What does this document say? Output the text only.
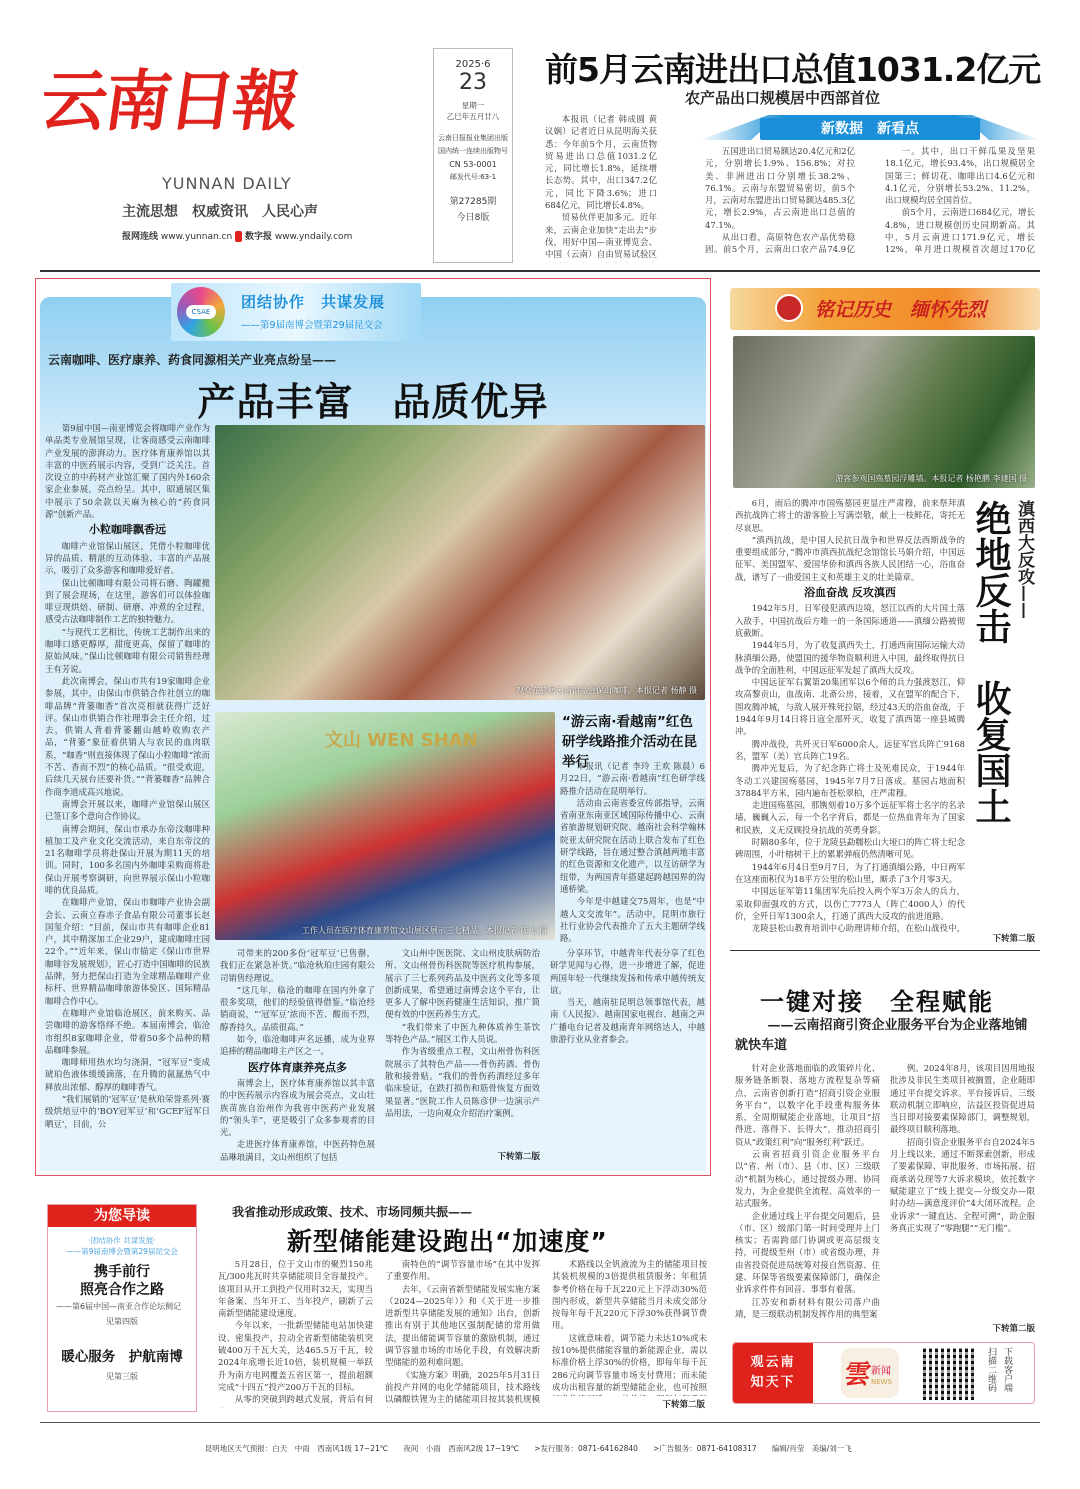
云南日報
YUNNAN DAILY
主流思想　权威资讯　人民心声
报网连线 www.yunnan.cn 数字报 www.yndaily.com
2025·6
23
星期一
乙巳年五月廿八
云南日报报业集团出版
国内统一连续出版物号
CN 53-0001
邮发代号:63-1
第27285期
今日8版
前5月云南进出口总值1031.2亿元
农产品出口规模居中西部首位

本报讯（记者 韩成圆 黄议娴）记者近日从昆明海关获悉：今年前5个月，云南货物贸易进出口总值1031.2亿元，同比增长1.8%，延续增长态势。其中，出口347.2亿元，同比下降3.6%；进口684亿元，同比增长4.8%。

贸易伙伴更加多元。近年来，云南企业加快“走出去”步伐，用好中国—南亚博览会、中国（云南）自由贸易试验区

新数据　新看点

五国进出口贸易额达20.4亿元和2亿元，分别增长1.9%、156.8%；对拉美、非洲进出口分别增长38.2%、76.1%。云南与东盟贸易密切，前5个月，云南对东盟进出口贸易额达485.3亿元，增长2.9%，占云南进出口总值的47.1%。

从出口看，高原特色农产品优势稳固。前5个月，云南出口农产品74.9亿

一。其中，出口干鲜瓜果及坚果18.1亿元，增长93.4%，出口规模居全国第三；鲜切花、咖啡出口4.6亿元和4.1亿元，分别增长53.2%、11.2%，出口规模均居全国首位。

前5个月，云南进口684亿元，增长4.8%，进口规模创历史同期新高。其中，5月云南进口171.9亿元，增长12%，单月进口规模首次超过170亿

CSAE
团结协作　共谋发展
——第9届南博会暨第29届昆交会
云南咖啡、医疗康养、药食同源相关产业亮点纷呈——
产品丰富　品质优异

第9届中国—南亚博览会将咖啡产业作为单品类专业展馆呈现，让客商感受云南咖啡产业发展的澎湃动力。医疗体育康养馆以其丰富的中医药展示内容，受到广泛关注。首次设立的中药材产业馆汇聚了国内外160余家企业参展，亮点纷呈。其中，昭通展区集中展示了50余款以天麻为核心的“药食同源”创新产品。

小粒咖啡飘香远

咖啡产业馆保山展区，凭借小粒咖啡优异的品质、精湛的互动体验、丰富的产品展示，吸引了众多游客和咖啡爱好者。

保山比顿咖啡有限公司将石磨、陶罐搬到了展会现场，在这里，游客们可以体验咖啡豆现烘焙、研制、研磨、冲煮的全过程，感受古法咖啡制作工艺的独特魅力。

“与现代工艺相比，传统工艺制作出来的咖啡口感更醇厚，甜度更高，保留了咖啡的原始风味。”保山比顿咖啡有限公司销售经理王有芳说。

此次南博会，保山市共有19家咖啡企业参展，其中，由保山市供销合作社创立的咖啡品牌“背篓咖香”首次亮相就获得广泛好评。保山市供销合作社理事会主任介绍，过去，供销人背着背篓翻山越岭收购农产品，“背篓”象征着供销人与农民的血肉联系，“咖香”则直接体现了保山小粒咖啡“浓而不苦、香而不烈”的核心品质。“很受欢迎，后续几天展台还要补货。”“背篓咖香”品牌合作商李道成高兴地说。

南博会开展以来，咖啡产业馆保山展区已签订多个意向合作协议。

南博会期间，保山市承办东帝汶咖啡种植加工及产业文化交流活动，来自东帝汶的21名咖啡学员将赴保山开展为期11天的培训。同时，100多名国内外咖啡采购商将赴保山开展考察调研，向世界展示保山小粒咖啡的优良品质。

在咖啡产业馆，保山市咖啡产业协会副会长、云南立春赤子食品有限公司董事长赵国玺介绍：“目前，保山市共有咖啡企业81户，其中精深加工企业29户，建成咖啡庄园22个。”“近年来，保山市锚定《保山市世界咖啡谷发展规划》，匠心打造中国咖啡的民族品牌，努力把保山打造为全球精品咖啡产业标杆、世界精品咖啡旅游体验区、国际精品咖啡合作中心。

在咖啡产业馆临沧展区，前来购买、品尝咖啡的游客络绎不绝。本届南博会，临沧市组织8家咖啡企业，带着50多个品种的精品咖啡参展。

咖啡师用热水均匀浇洞，“冠军豆”变成琥珀色液体缓缓滴落，在升腾的氤氲热气中释放出浓郁、醇厚的咖啡香气。

“我们展销的‘冠军豆’是秋珀荣誉系列·赛级烘焙豆中的‘BOY冠军豆’和‘GCEF冠军日晒豆’，目前，公

观众在旅居云南馆品尝保山咖啡。本报记者 杨静 摄
文山 WEN SHAN
工作人员在医疗体育康养馆文山展区展示三七精品。本报记者 陈飞 摄
“游云南·看越南”红色研学线路推介活动在昆举行

本报讯（记者 李玲 王欢 陈晨）6月22日，“游云南·看越南”红色研学线路推介活动在昆明举行。

活动由云南省委宣传部指导，云南省南亚东南亚区域国际传播中心、云南省旅游规划研究院、越南社会科学翰林院亚太研究院在活动上联合发布了红色研学线路，旨在通过整合滇越两地丰富的红色资源和文化遗产，以互访研学为纽带，为两国青年搭建起跨越国界的沟通桥梁。

今年是中越建交75周年，也是“中越人文交流年”。活动中，昆明市旅行社行业协会代表推介了五大主题研学线路。

司带来的200多份‘冠军豆’已售罄，我们正在紧急补货。”临沧秋珀庄园有限公司销售经理说。

“这几年，临沧的咖啡在国内外拿了很多奖项，他们的经验值得借鉴。”临沧经销商说，“‘冠军豆’浓而不苦、酸而不烈，醇香持久，品质很高。”

如今，临沧咖啡声名远播，成为业界追捧的精品咖啡主产区之一。

医疗体育康养亮点多

南博会上，医疗体育康养馆以其丰富的中医药展示内容成为展会亮点，文山壮族苗族自治州作为我省中医药产业发展的“领头羊”，更是吸引了众多参观者的目光。

走进医疗体育康养馆，中医药特色展品琳琅满目，文山州组织了包括

文山州中医医院、文山州皮肤病防治所、文山州骨伤科医院等医疗机构参展，展示了三七系列药品及中医药文化等多项创新成果，希望通过南博会这个平台，让更多人了解中医药健康生活知识，推广简便有效的中医药养生方式。

“我们带来了中医九种体质养生茶饮等特色产品。”展区工作人员说。

作为省级重点工程，文山州骨伤科医院展示了其特色产品——骨伤药酒、骨伤散和接骨贴。“我们的骨伤药酒经过多年临床验证，在跌打损伤和筋骨恢复方面效果显著。”医院工作人员陈彦伊一边演示产品用法，一边向观众介绍治疗案例。

下转第二版

分享环节，中越青年代表分享了红色研学见闻与心得，进一步增进了解，促进两国年轻一代继续发扬和传承中越传统友谊。

当天，越南驻昆明总领事馆代表，越南《人民报》、越南国家电视台、越南之声广播电台记者及越南青年网络达人，中越旅游行业从业者参会。

铭记历史　缅怀先烈
游客参观国殇墓园浮雕墙。本报记者 杨艳鹏 李建国 摄

6月，雨后的腾冲市国殇墓园更显庄严肃穆，前来祭拜滇西抗战阵亡将士的游客脸上写满崇敬，献上一枝鲜花，寄托无尽哀思。

“滇西抗战，是中国人民抗日战争和世界反法西斯战争的重要组成部分，”腾冲市滇西抗战纪念馆馆长马娟介绍，中国远征军、美国盟军、爱国华侨和滇西各族人民团结一心，浴血奋战，谱写了一曲爱国主义和英雄主义的壮美篇章。

浴血奋战 反攻滇西

1942年5月，日军侵犯滇西边境，怒江以西的大片国土落入敌手，中国抗战后方唯一的一条国际通道——滇缅公路被彻底截断。

1944年5月，为了收复滇西失土，打通西南国际运输大动脉滇缅公路，使盟国的援华物资顺利进入中国，最终取得抗日战争的全面胜利，中国远征军发起了滇西大反攻。

中国远征军右翼第20集团军以6个师的兵力强渡怒江，仰攻高黎贡山，血战南、北斋公房，接着，又在盟军的配合下，围攻腾冲城，与敌人展开殊死拉锯，经过43天的浴血奋战，于1944年9月14日将日寇全部歼灭，收复了滇西第一座县城腾冲。

腾冲战役，共歼灭日军6000余人，远征军官兵阵亡9168名，盟军（美）官兵阵亡19名。

腾冲光复后，为了纪念阵亡将士及死难民众，于1944年冬动工兴建国殇墓园，1945年7月7日落成。墓园占地面积37884平方米，园内遍布苍松翠柏，庄严肃穆。

走进国殇墓园，那镌刻着10万多个远征军将士名字的名录墙，巍巍入云，每一个名字背后，都是一位热血青年为了国家和民族，义无反顾投身抗战的英勇身影。

时隔80多年，位于龙陵县勐糯松山大垭口的阵亡将士纪念碑周围，小叶榕树干上的累累弹痕仍然清晰可见。

1944年6月4日至9月7日，为了打通滇缅公路，中日两军在这座面积仅为18平方公里的松山里，厮杀了3个月零3天。

中国远征军第11集团军先后投入两个军3万余人的兵力，采取仰面强攻的方式，以伤亡7773人（阵亡4000人）的代价，全歼日军1300余人，打通了滇西大反攻的前进道路。

龙陵县松山教育培训中心助理讲师介绍，在松山战役中，

滇西大反攻——
绝地反击　收复国土
下转第二版
一键对接　全程赋能
——云南招商引资企业服务平台为企业落地铺就快车道

针对企业落地面临的政策碎片化、服务链条断裂、落地方流程复杂等痛点，云南省创新打造“招商引资企业服务平台”，以数字化手段重构服务体系，全周期赋能企业落地，让项目“招得进、落得下、长得大”，推动招商引资从“政策红利”向“服务红利”跃迁。

云南省招商引资企业服务平台以“省、州（市）、县（市、区）三级联动”机制为核心，通过提级办理、协同发力，为企业提供全流程、高效率的一站式服务。

企业通过线上平台提交问题后，县（市、区）级部门第一时间受理并上门核实；若需跨部门协调或更高层级支持，可提级至州（市）或省级办理，并由省投资促进局统筹对接自然资源、住建、环保等省级要素保障部门，确保企业诉求件件有回音、事事有着落。

江苏安和新材料有限公司落户曲靖，是三级联动机制发挥作用的典型案

例。2024年8月，该项目因用地报批涉及非民生类项目被搁置，企业随即通过平台提交诉求。平台接诉后，三级联动机制立即响应，沾益区投资促进局当日即对接要素保障部门，调整规划，最终项目顺利落地。

招商引资企业服务平台自2024年5月上线以来，通过不断探索创新，形成了要素保障、审批服务、市场拓展、招商承诺兑现等7大诉求模块，依托数字赋能建立了“线上提交—分级交办—限时办结—满意度评价”4大闭环流程。企业诉求“一键直达、全程可溯”，助企服务真正实现了“零跑腿”“无门槛”。

下转第二版
观云南
知天下	雲 新闻
NEWS	扫描二维码 下载客户端
为您导读
·团结协作 共谋发展·
——第9届南博会暨第29届昆交会
携手前行
照亮合作之路
——第6届中国—南亚合作论坛侧记
见第四版
暖心服务　护航南博
见第三版
我省推动形成政策、技术、市场同频共振——
新型储能建设跑出“加速度”

5月28日，位于文山市的聚烈150兆瓦/300兆瓦时共享储能项目全容量投产。该项目从开工到投产仅用时32天，实现当年备案、当年开工、当年投产，刷新了云南新型储能建设速度。

今年以来，一批新型储能电站加快建设、密集投产，拉动全省新型储能装机突破400万千瓦大关，达465.5万千瓦，较2024年底增长近10倍，装机规模一举跃升为南方电网覆盖五省区第一，提前超额完成“十四五”投产200万千瓦的目标。

从零的突破到跨越式发展，背后有何

南特色的“调节容量市场”在其中发挥了重要作用。

去年，《云南省新型储能发展实施方案（2024—2025年）》和《关于进一步推进新型共享储能发展的通知》出台，创新推出有别于其他地区强制配储的常用做法，提出储能调节容量的激励机制，通过调节容量市场的市场化手段，有效解决新型储能的盈利难问题。

《实施方案》明确，2025年5月31日前投产并网的电化学储能项目，技术路线以磷酸铁锂为主的储能项目按其装机规模

术路线以全钒液流为主的储能项目按其装机规模的3倍提供租赁服务；年租赁参考价格在每千瓦220元上下浮动30%范围内形成，新型共享储能当月未成交部分按每年每千瓦220元下浮30%获得调节费用。

这就意味着，调节能力未达10%或未按10%提供储能容量的新能源企业，需以标准价格上浮30%的价格，即每年每千瓦286元向调节容量市场支付费用；而未能成功出租容量的新型储能企业，也可按照

下转第二版

昆明地区天气预报：白天　中雨　西南风1级 17~21℃　　夜间　小雨　西南风2级 17~19℃　　 >发行服务：0871-64162840　　 >广告服务：0871-64108317　　 编辑/肖莹　 美编/刘一飞
